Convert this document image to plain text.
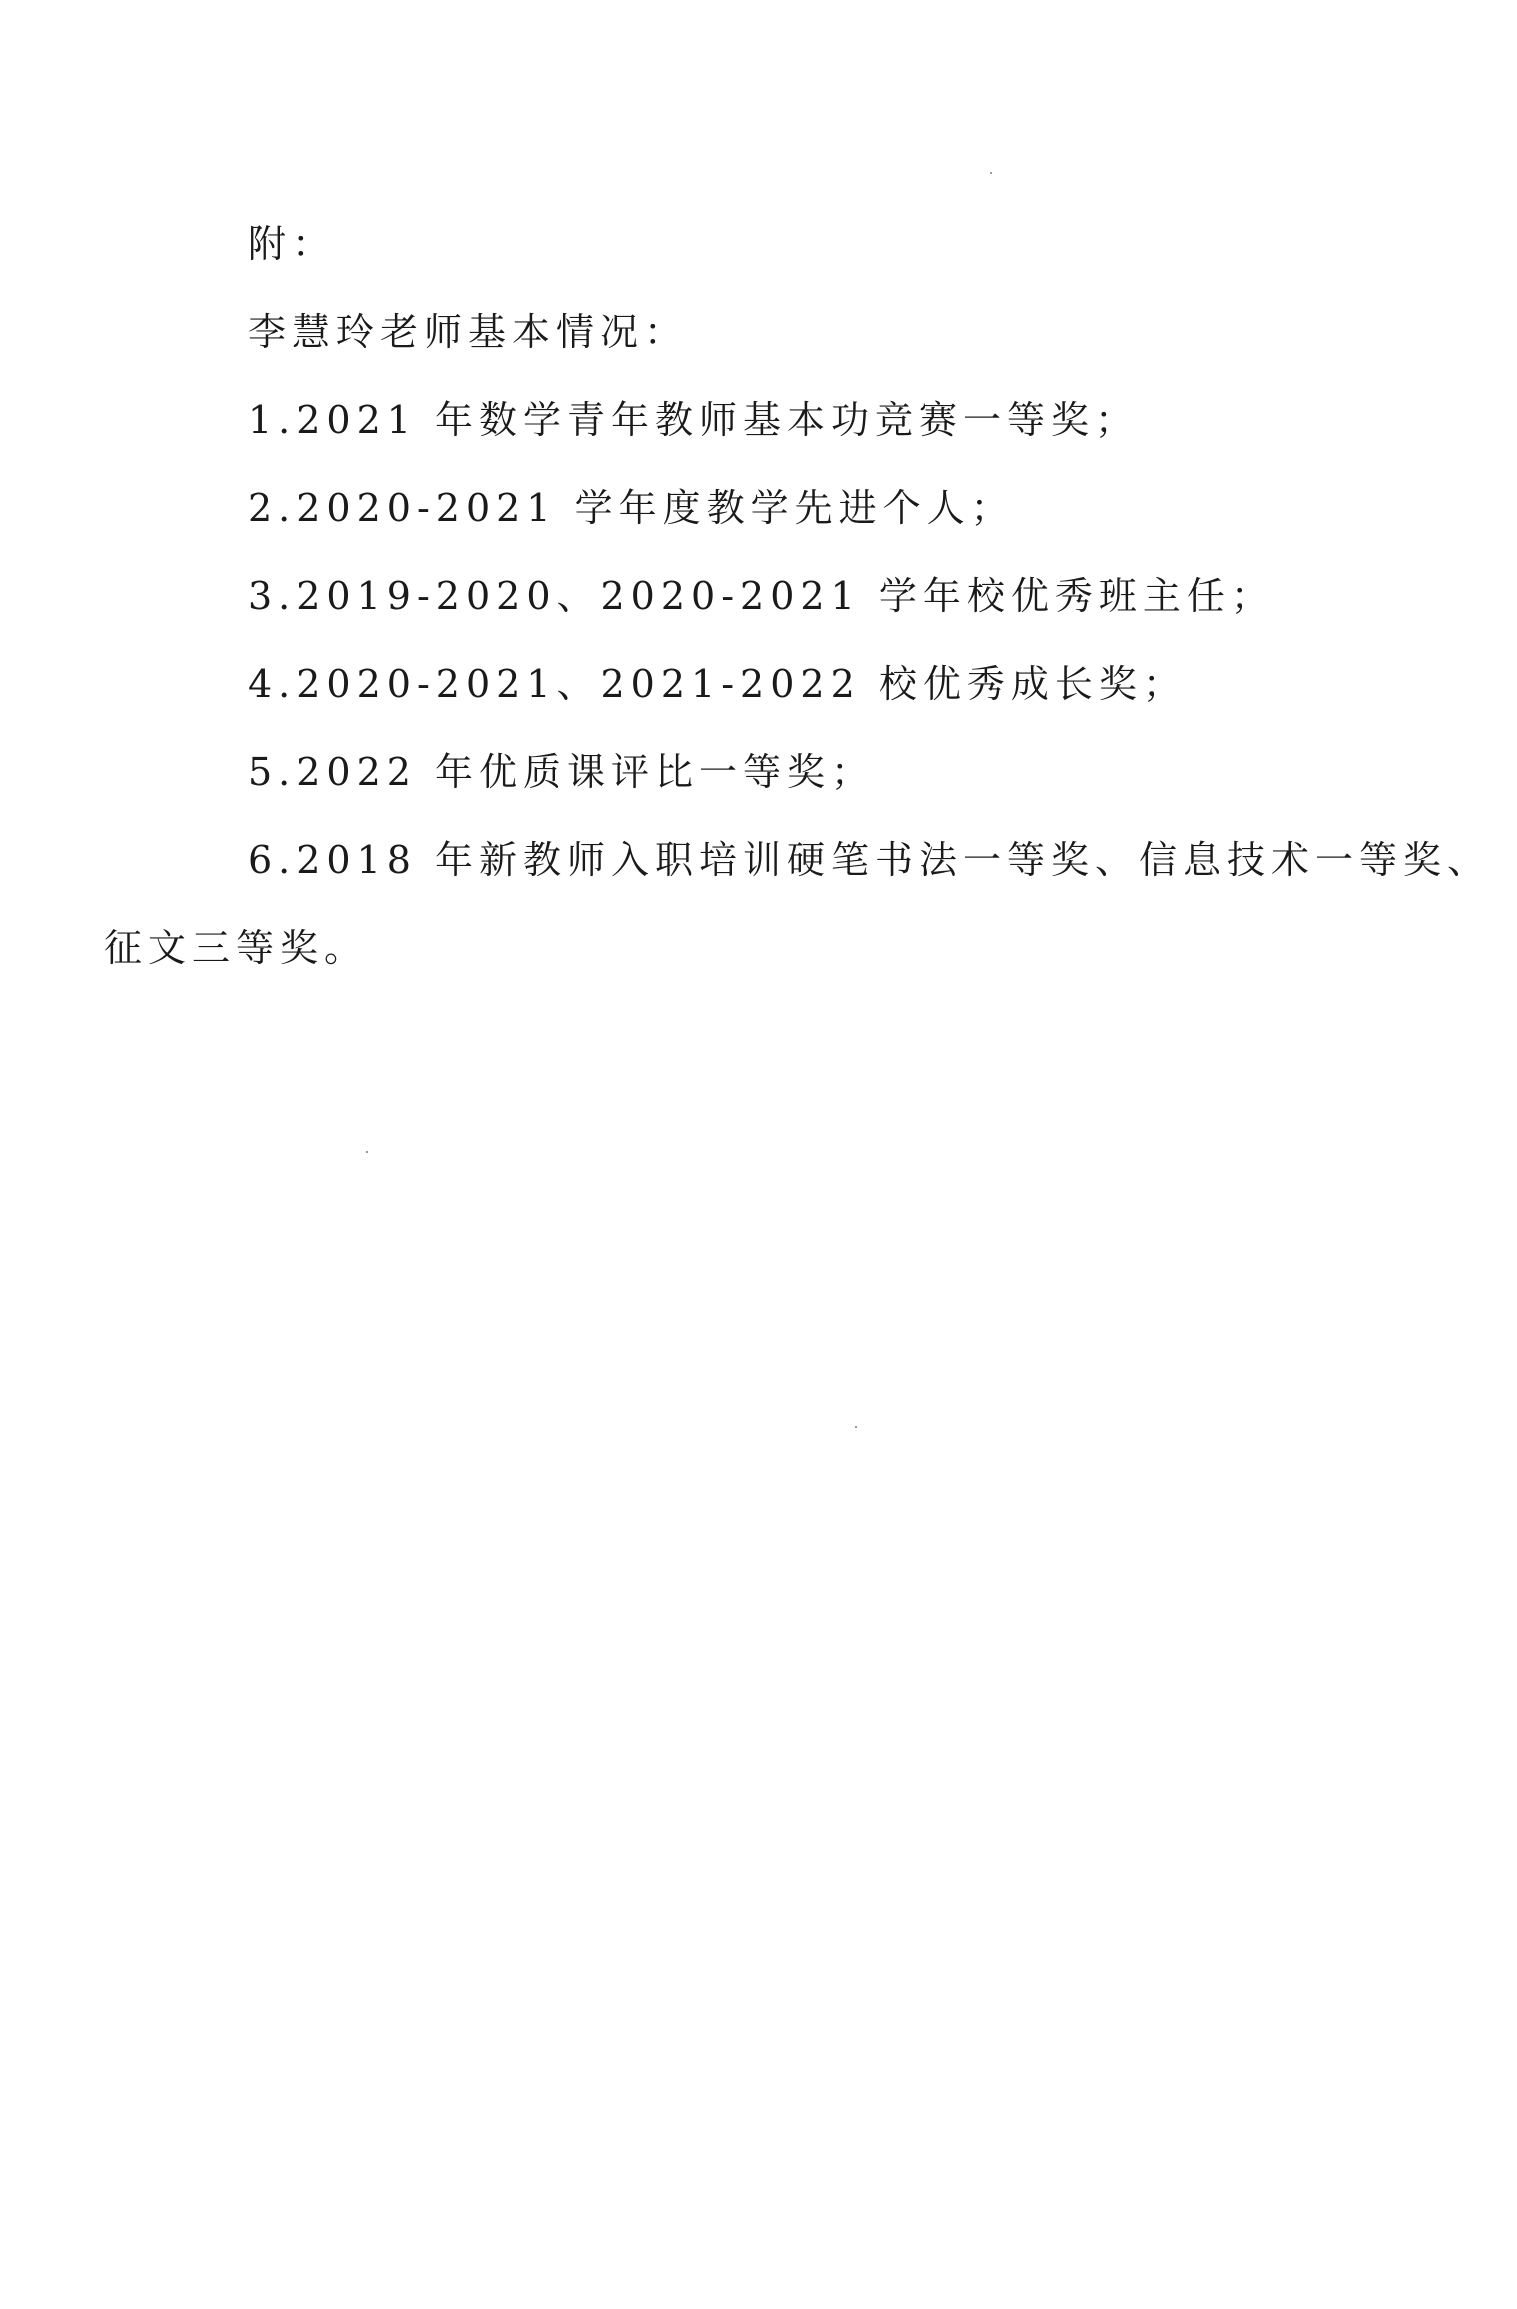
附：

李慧玲老师基本情况：

1.2021 年数学青年教师基本功竞赛一等奖；

2.2020-2021 学年度教学先进个人；

3.2019-2020、2020-2021 学年校优秀班主任；

4.2020-2021、2021-2022 校优秀成长奖；

5.2022 年优质课评比一等奖；

6.2018 年新教师入职培训硬笔书法一等奖、信息技术一等奖、

征文三等奖。
